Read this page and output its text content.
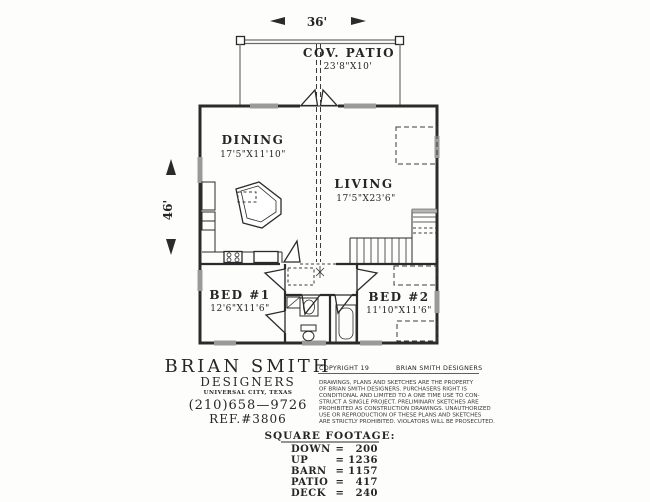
36'
46'
COV. PATIO
23'8"X10'
DINING
17'5"X11'10"
LIVING
17'5"X23'6"
BED #1
12'6"X11'6"
BED #2
11'10"X11'6"
BRIAN SMITH
DESIGNERS
UNIVERSAL CITY, TEXAS
(210)658—9726
REF.#3806
COPYRIGHT 19	BRIAN SMITH DESIGNERS
DRAWINGS, PLANS AND SKETCHES ARE THE PROPERTY
OF BRIAN SMITH DESIGNERS. PURCHASERS RIGHT IS
CONDITIONAL AND LIMITED TO A ONE TIME USE TO CON-
STRUCT A SINGLE PROJECT. PRELIMINARY SKETCHES ARE
PROHIBITED AS CONSTRUCTION DRAWINGS. UNAUTHORIZED
USE OR REPRODUCTION OF THESE PLANS AND SKETCHES
ARE STRICTLY PROHIBITED. VIOLATORS WILL BE PROSECUTED.
SQUARE FOOTAGE:
DOWN = 200
UP	= 1236
BARN = 1157
PATIO = 417
DECK = 240
